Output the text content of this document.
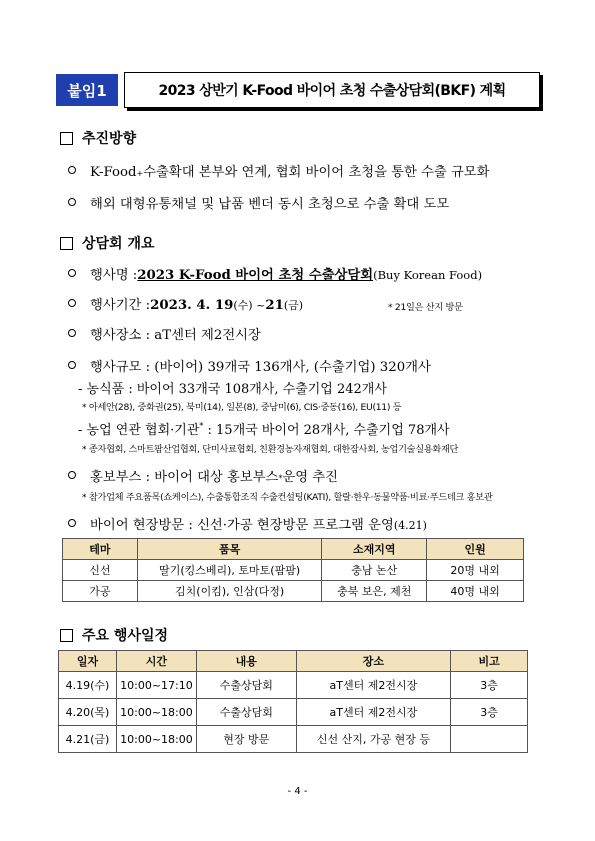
붙임1	2023 상반기 K-Food 바이어 초청 수출상담회(BKF) 계획
추진방향
K-Food + 수출확대 본부와 연계, 협회 바이어 초청을 통한 수출 규모화
해외 대형유통채널 및 납품 벤더 동시 초청으로 수출 확대 도모
상담회 개요
행사명 : 2023 K-Food 바이어 초청 수출상담회 (Buy Korean Food)
행사기간 : 2023. 4. 19 (수) ~ 21 (금)	* 21일은 산지 방문
행사장소 : aT센터 제2전시장
행사규모 : (바이어) 39개국 136개사, (수출기업) 320개사
- 농식품 : 바이어 33개국 108개사, 수출기업 242개사
* 아세안(28), 중화권(25), 북미(14), 일본(8), 중남미(6), CIS·중동(16), EU(11) 등
- 농업 연관 협회·기관* : 15개국 바이어 28개사, 수출기업 78개사
* 종자협회, 스마트팜산업협회, 단미사료협회, 친환경농자재협회, 대한잠사회, 농업기술실용화재단
홍보부스 : 바이어 대상 홍보부스$_*$ 운영 추진
* 참가업체 주요품목(쇼케이스), 수출통합조직 수출컨설팅(KATI), 할랄·한우·동물약품·비료·푸드테크 홍보관
바이어 현장방문 : 신선·가공 현장방문 프로그램 운영 (4.21)
테마	품목	소재지역	인원
신선	딸기(킹스베리), 토마토(팜팜)	충남 논산	20명 내외
가공	김치(이킴), 인삼(다정)	충북 보은, 제천	40명 내외
주요 행사일정
일자	시간	내용	장소	비고
4.19(수)	10:00~17:10	수출상담회	aT센터 제2전시장	3층
4.20(목)	10:00~18:00	수출상담회	aT센터 제2전시장	3층
4.21(금)	10:00~18:00	현장 방문	신선 산지, 가공 현장 등	
- 4 -
